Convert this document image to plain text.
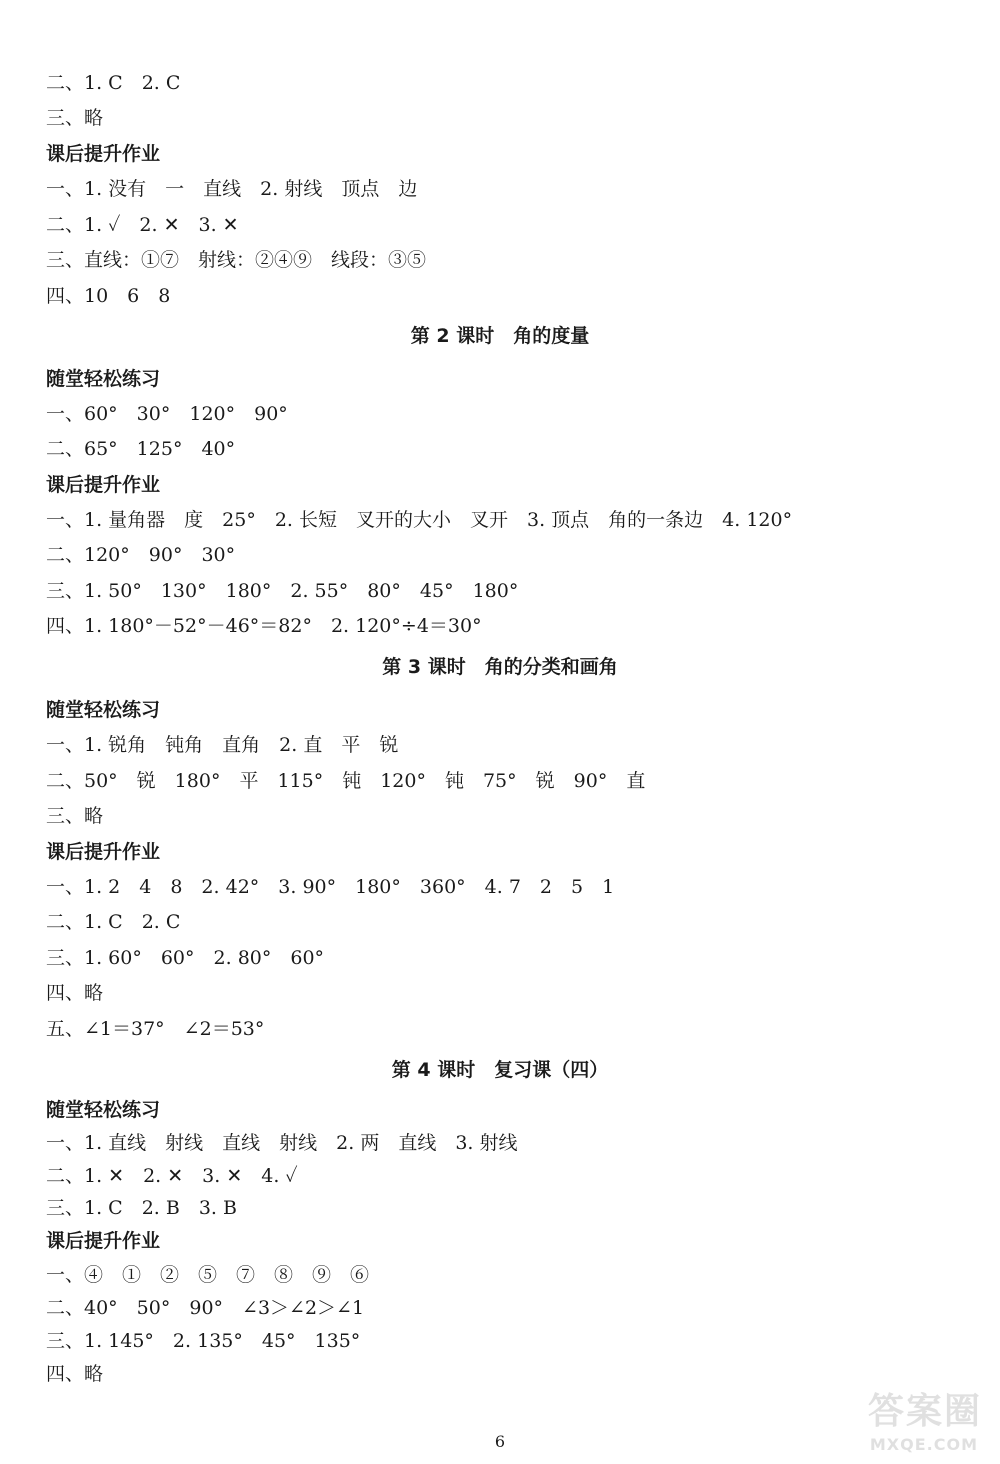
二、1. C　2. C
三、略
课后提升作业
一、1. 没有　一　直线　2. 射线　顶点　边
二、1. ✓　2. ✕　3. ✕
三、直线：①⑦　射线：②④⑨　线段：③⑤
四、10　6　8
第 2 课时　角的度量
随堂轻松练习
一、60°　30°　120°　90°
二、65°　125°　40°
课后提升作业
一、1. 量角器　度　25°　2. 长短　叉开的大小　叉开　3. 顶点　角的一条边　4. 120°
二、120°　90°　30°
三、1. 50°　130°　180°　2. 55°　80°　45°　180°
四、1. 180°－52°－46°＝82°　2. 120°÷4＝30°
第 3 课时　角的分类和画角
随堂轻松练习
一、1. 锐角　钝角　直角　2. 直　平　锐
二、50°　锐　180°　平　115°　钝　120°　钝　75°　锐　90°　直
三、略
课后提升作业
一、1. 2　4　8　2. 42°　3. 90°　180°　360°　4. 7　2　5　1
二、1. C　2. C
三、1. 60°　60°　2. 80°　60°
四、略
五、∠1＝37°　∠2＝53°
第 4 课时　复习课（四）
随堂轻松练习
一、1. 直线　射线　直线　射线　2. 两　直线　3. 射线
二、1. ✕　2. ✕　3. ✕　4. ✓
三、1. C　2. B　3. B
课后提升作业
一、④　①　②　⑤　⑦　⑧　⑨　⑥
二、40°　50°　90°　∠3＞∠2＞∠1
三、1. 145°　2. 135°　45°　135°
四、略
6
答案圈
MXQE.COM
